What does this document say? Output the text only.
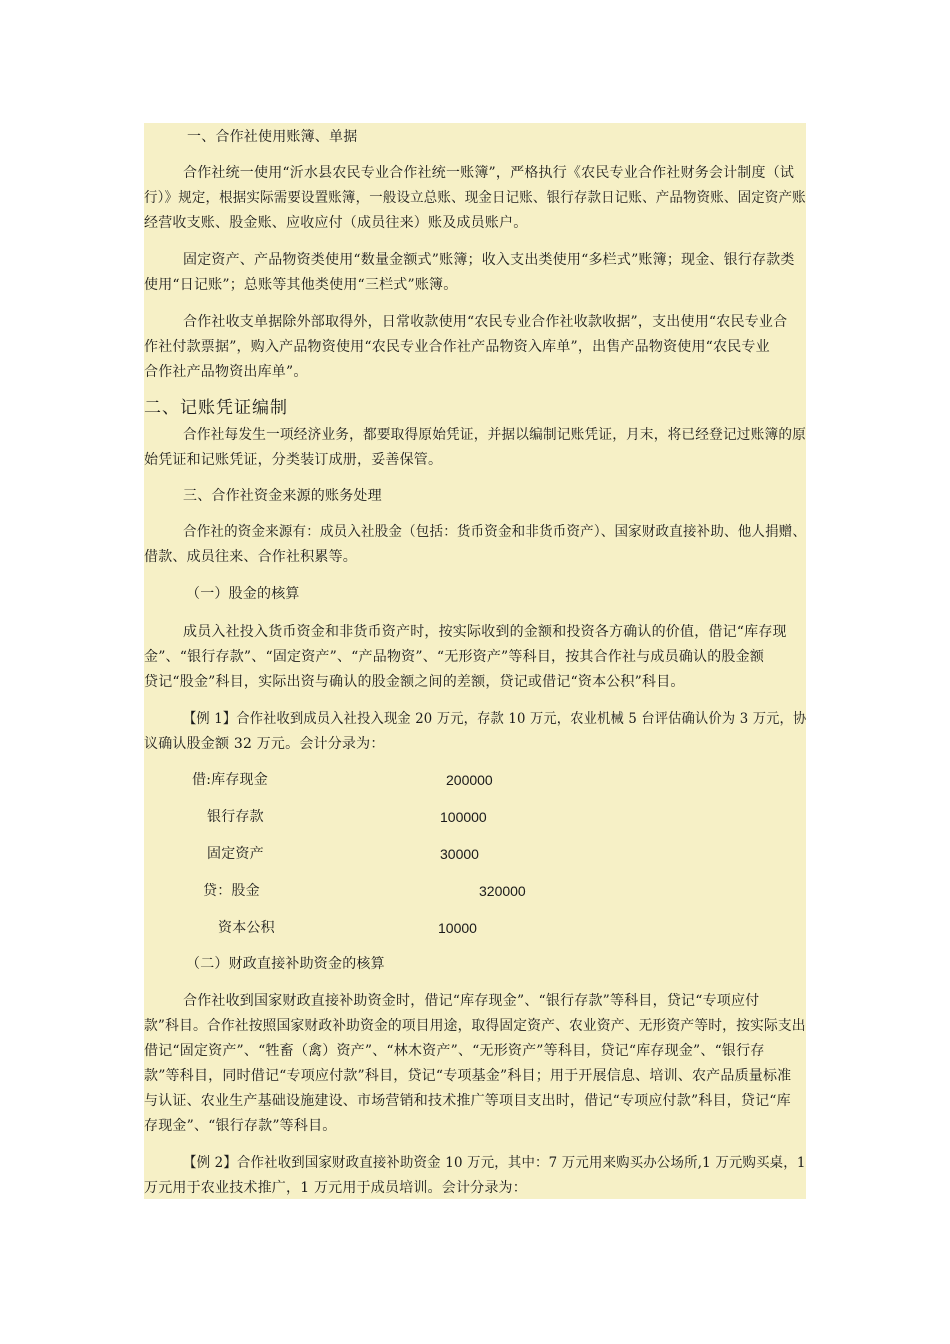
一、合作社使用账簿、单据
合作社统一使用“沂水县农民专业合作社统一账簿”，严格执行《农民专业合作社财务会计制度（试
行）》规定，根据实际需要设置账簿，一般设立总账、现金日记账、银行存款日记账、产品物资账、固定资产账
经营收支账、股金账、应收应付（成员往来）账及成员账户。
固定资产、产品物资类使用“数量金额式”账簿；收入支出类使用“多栏式”账簿；现金、银行存款类
使用“日记账”；总账等其他类使用“三栏式”账簿。
合作社收支单据除外部取得外，日常收款使用“农民专业合作社收款收据”，支出使用“农民专业合
作社付款票据”，购入产品物资使用“农民专业合作社产品物资入库单”，出售产品物资使用“农民专业
合作社产品物资出库单”。
二、记账凭证编制
合作社每发生一项经济业务，都要取得原始凭证，并据以编制记账凭证，月末，将已经登记过账簿的原
始凭证和记账凭证，分类装订成册，妥善保管。
三、合作社资金来源的账务处理
合作社的资金来源有：成员入社股金（包括：货币资金和非货币资产）、国家财政直接补助、他人捐赠、
借款、成员往来、合作社积累等。
（一）股金的核算
成员入社投入货币资金和非货币资产时，按实际收到的金额和投资各方确认的价值，借记“库存现
金”、“银行存款”、“固定资产”、“产品物资”、“无形资产”等科目，按其合作社与成员确认的股金额
贷记“股金”科目，实际出资与确认的股金额之间的差额，贷记或借记“资本公积”科目。
【例 1】合作社收到成员入社投入现金 20 万元，存款 10 万元，农业机械 5 台评估确认价为 3 万元，协
议确认股金额 32 万元。会计分录为：
借:库存现金	200000
银行存款	100000
固定资产	30000
贷：股金	320000
资本公积	10000
（二）财政直接补助资金的核算
合作社收到国家财政直接补助资金时，借记“库存现金”、“银行存款”等科目，贷记“专项应付
款”科目。合作社按照国家财政补助资金的项目用途，取得固定资产、农业资产、无形资产等时，按实际支出
借记“固定资产”、“牲畜（禽）资产”、“林木资产”、“无形资产”等科目，贷记“库存现金”、“银行存
款”等科目，同时借记“专项应付款”科目，贷记“专项基金”科目；用于开展信息、培训、农产品质量标准
与认证、农业生产基础设施建设、市场营销和技术推广等项目支出时，借记“专项应付款”科目，贷记“库
存现金”、“银行存款”等科目。
【例 2】合作社收到国家财政直接补助资金 10 万元，其中：7 万元用来购买办公场所,1 万元购买桌，1
万元用于农业技术推广，1 万元用于成员培训。会计分录为：
